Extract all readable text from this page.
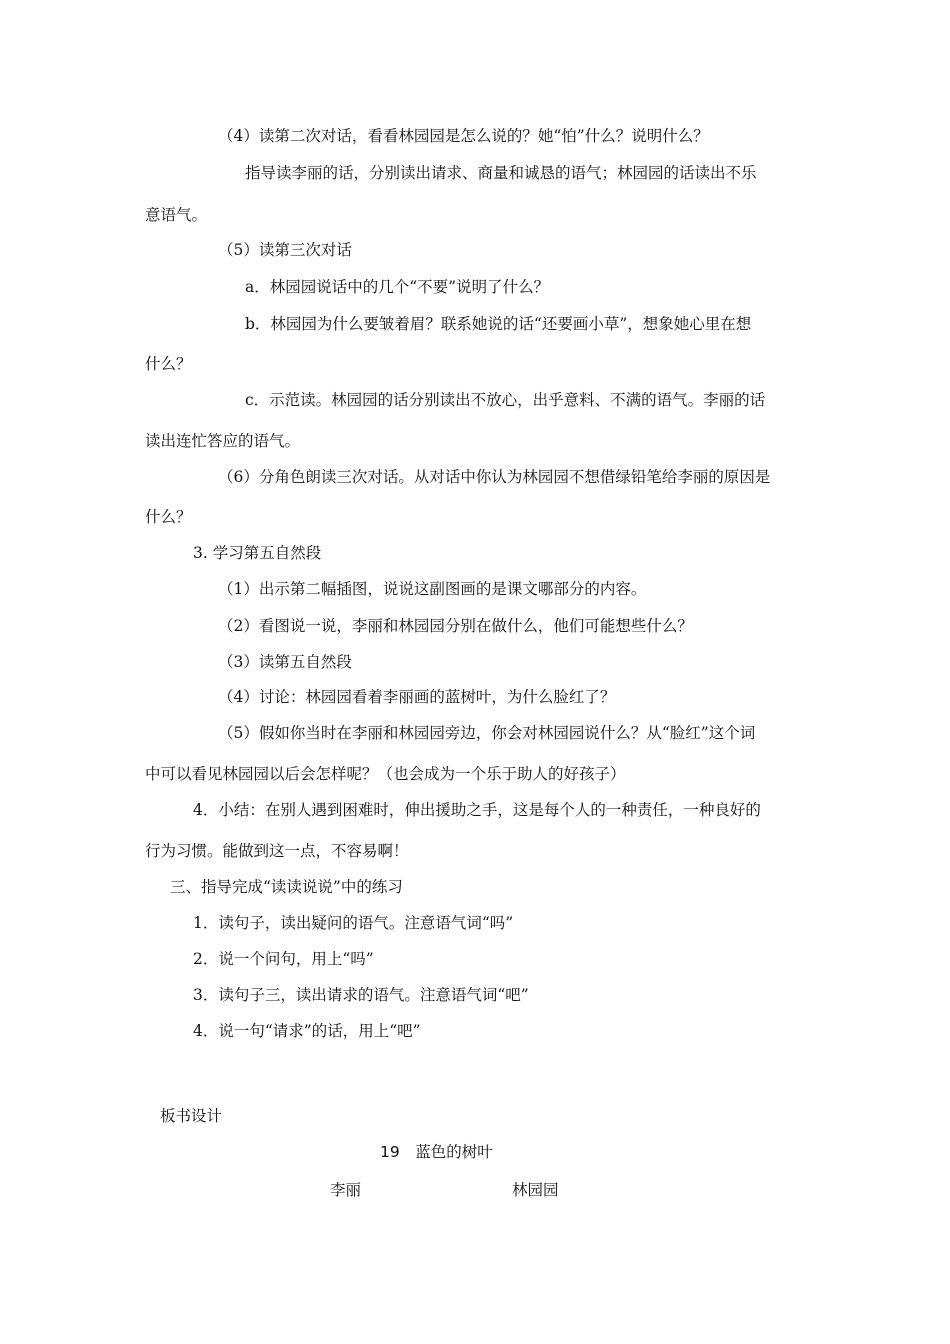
（4）读第二次对话，看看林园园是怎么说的？她“怕”什么？说明什么？
指导读李丽的话，分别读出请求、商量和诚恳的语气；林园园的话读出不乐
意语气。
（5）读第三次对话
a．林园园说话中的几个“不要”说明了什么？
b．林园园为什么要皱着眉？联系她说的话“还要画小草”，想象她心里在想
什么？
c．示范读。林园园的话分别读出不放心，出乎意料、不满的语气。李丽的话
读出连忙答应的语气。
（6）分角色朗读三次对话。从对话中你认为林园园不想借绿铅笔给李丽的原因是
什么？
3. 学习第五自然段
（1）出示第二幅插图，说说这副图画的是课文哪部分的内容。
（2）看图说一说，李丽和林园园分别在做什么，他们可能想些什么？
（3）读第五自然段
（4）讨论：林园园看着李丽画的蓝树叶，为什么脸红了？
（5）假如你当时在李丽和林园园旁边，你会对林园园说什么？从“脸红”这个词
中可以看见林园园以后会怎样呢？（也会成为一个乐于助人的好孩子）
4．小结：在别人遇到困难时，伸出援助之手，这是每个人的一种责任，一种良好的
行为习惯。能做到这一点，不容易啊！
三、指导完成“读读说说”中的练习
1．读句子，读出疑问的语气。注意语气词“吗”
2．说一个问句，用上“吗”
3．读句子三，读出请求的语气。注意语气词“吧”
4．说一句“请求”的话，用上“吧”
板书设计
19　蓝色的树叶
李丽	林园园
